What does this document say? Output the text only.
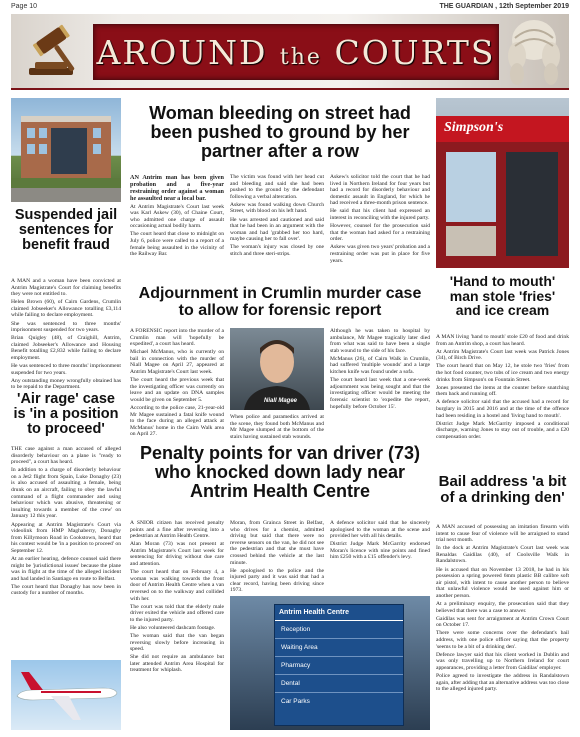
Page 10	THE GUARDIAN , 12th September 2019
AROUND the COURTS
Suspended jail sentences for benefit fraud

A MAN and a woman have been convicted at Antrim Magistrate's Court for claiming benefits they were not entitled to.

Helen Brown (60), of Cairn Gardens, Crumlin claimed Jobseeker's Allowance totalling £3,114 while failing to declare employment.

She was sentenced to three months' imprisonment suspended for two years.

Brian Quigley (48), of Craighill, Antrim, claimed Jobseeker's Allowance and Housing Benefit totalling £2,832 while failing to declare employment.

He was sentenced to three months' imprisonment suspended for two years.

Any outstanding money wrongfully obtained has to be repaid to the Department.

'Air rage' case is 'in a position to proceed'

THE case against a man accused of alleged disorderly behaviour on a plane is "ready to proceed", a court has heard.

In addition to a charge of disorderly behaviour on a Jet2 flight from Spain, Luke Donaghy (23) is also accused of assaulting a female, being drunk on an aircraft, failing to obey the lawful command of a flight commander and using behaviour which was abusive, threatening or insulting towards a member of the crew' on January 12 this year.

Appearing at Antrim Magistrate's Court via videolink from HMP Maghaberry, Donaghy from Killymoon Road in Cookstown, heard that his contest would be 'in a position to proceed' on September 12.

At an earlier hearing, defence counsel said there might be 'jurisdictional issues' because the plane was in flight at the time of the alleged incident and had landed in Santiago en route to Belfast.

The court heard that Donaghy has now been in custody for a number of months.

Woman bleeding on street had been pushed to ground by her partner after a row

AN Antrim man has been given probation and a five-year restraining order against a woman he assaulted near a local bar.

At Antrim Magistrate's Court last week was Karl Askew (30), of Chaine Court, who admitted one charge of assault occasioning actual bodily harm.

The court heard that close to midnight on July 6, police were called to a report of a female being assaulted in the vicinity of the Railway Bar.

The victim was found with her head cut and bleeding and said she had been pushed to the ground by the defendant following a verbal altercation.

Askew was found walking down Church Street, with blood on his left hand.

He was arrested and cautioned and said that he had been in an argument with the woman and had 'grabbed her too hard, maybe causing her to fall over'.

The woman's injury was closed by one stitch and three steri-strips.

Askew's solicitor told the court that he had lived in Northern Ireland for four years but had a record for disorderly behaviour and domestic assault in England, for which he had received a three-month prison sentence.

He said that his client had expressed an interest in reconciling with the injured party.

However, counsel for the prosecution said that the woman had asked for a restraining order.

Askew was given two years' probation and a restraining order was put in place for five years.

Adjournment in Crumlin murder case to allow for forensic report

A FORENSIC report into the murder of a Crumlin man will 'hopefully be expedited', a court has heard.

Michael McManus, who is currently on bail in connection with the murder of Niall Magee on April 27, appeared at Antrim Magistrate's Court last week.

The court heard the previous week that the investigating officer was currently on leave and an update on DNA samples would be given on September 5.

According to the police case, 21-year-old Mr Magee sustained a fatal knife wound to the face during an alleged attack at McManus' home in the Cairn Walk area on April 27.

Niall Magee

When police and paramedics arrived at the scene, they found both McManus and Mr Magee slumped at the bottom of the stairs having sustained stab wounds.

Although he was taken to hospital by ambulance, Mr Magee tragically later died from what was said to have been a single stab wound to the side of his face.

McManus (26), of Cairn Walk in Crumlin, had suffered 'multiple wounds' and a large kitchen knife was found under a sofa.

The court heard last week that a one-week adjournment was being sought and that the investigating officer would be meeting the forensic scientist to 'expedite the report, hopefully before October 15'.

Penalty points for van driver (73) who knocked down lady near Antrim Health Centre

A SNIOR citizen has received penalty points and a fine after reversing into a pedestrian at Antrim Health Centre.

Alan Moran (73) was not present at Antrim Magistrate's Court last week for sentencing for driving without due care and attention.

The court heard that on February 4, a woman was walking towards the front door of Antrim Health Centre when a van reversed on to the walkway and collided with her.

The court was told that the elderly male driver exited the vehicle and offered care to the injured party.

He also volunteered dashcam footage.

The woman said that the van began reversing slowly before increasing in speed.

She did not require an ambulance but later attended Antrim Area Hospital for treatment for whiplash.

Moran, from Grainca Street in Belfast, who drives for a chemist, admitted driving but said that there were no reverse sensors on the van, he did not see the pedestrian and that she must have crossed behind the vehicle at the last minute.

He apologised to the police and the injured party and it was said that had a clear record, having been driving since 1973.

A defence solicitor said that he sincerely apologised to the woman at the scene and provided her with all his details.

District Judge Mark McGarrity endorsed Moran's licence with nine points and fined him £250 with a £15 offender's levy.

Antrim Health Centre
Reception
Waiting Area
Pharmacy
Dental
Car Parks
Simpson's
'Hand to mouth' man stole 'fries' and ice cream

A MAN living 'hand to mouth' stole £20 of food and drink from an Antrim shop, a court has heard.

At Antrim Magistrate's Court last week was Patrick Jones (34), of Birch Drive.

The court heard that on May 12, he stole two 'fries' from the hot food counter, two tubs of ice cream and two energy drinks from Simpson's on Fountain Street.

Jones presented the items at the counter before snatching them back and running off.

A defence solicitor said that the accused had a record for burglary in 2015 and 2016 and at the time of the offence had been residing in a hostel and 'living hand to mouth'.

District Judge Mark McGarrity imposed a conditional discharge, warning Jones to stay out of trouble, and a £20 compensation order.

Bail address 'a bit of a drinking den'

A MAN accused of possessing an imitation firearm with intent to cause fear of violence will be arraigned to stand trial next month.

In the dock at Antrim Magistrate's Court last week was Renaldas Gaidilas (40), of Coolsville Walk in Randalstown.

He is accused that on November 13 2018, he had in his possession a spring powered 6mm plastic BB calibre soft air pistol, with intent to cause another person to believe that unlawful violence would be used against him or another person.

At a preliminary enquiry, the prosecution said that they believed that there was a case to answer.

Gaidilas was sent for arraignment at Antrim Crown Court on October 17.

There were some concerns over the defendant's bail address, with one police officer saying that the property 'seems to be a bit of a drinking den'.

Defence lawyer said that his client worked in Dublin and was only travelling up to Northern Ireland for court appearances, providing a letter from Gaidilas' employer.

Police agreed to investigate the address in Randalstown again, after adding that an alternative address was too close to the alleged injured party.
